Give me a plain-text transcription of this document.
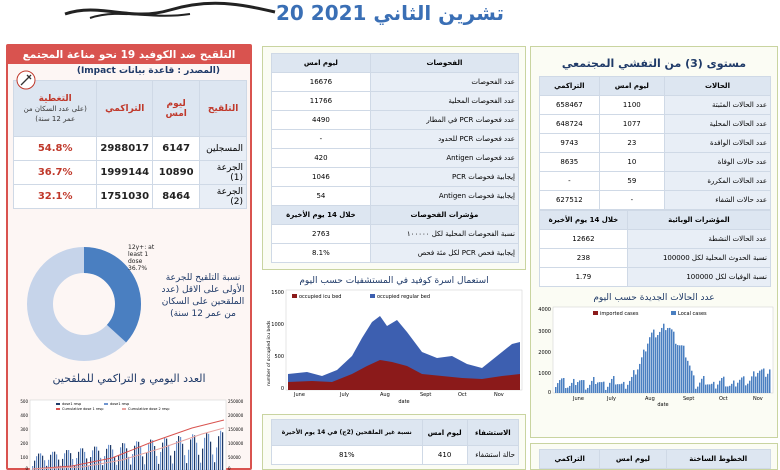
20 تشرين الثاني 2021
مستوى (3) من التفشي المجتمعي
الحالات	ليوم امس	التراكمي
عدد الحالات المثبتة	1100	658467
عدد الحالات المحلية	1077	648724
عدد الحالات الوافدة	23	9743
عدد حالات الوفاة	10	8635
عدد الحالات المكررة	59	-
عدد حالات الشفاء	-	627512
المؤشرات الوبائية	خلال 14 يوم الأخيرة
عدد الحالات النشطة	12662
نسبة الحدوث المحلية لكل 100000	238
نسبة الوفيات لكل 100000	1.79
عدد الحالات الجديدة حسب اليوم
4000
3000
2000
1000
0
imported cases	Local cases
June	July	Aug	Sept	Oct	Nov
date
الخطوط الساخنة	ليوم امس	التراكمي
الفحوصات	ليوم امس
عدد الفحوصات	16676
عدد الفحوصات المحلية	11766
عدد فحوصات PCR في المطار	4490
عدد فحوصات PCR للحدود	-
عدد فحوصات Antigen	420
إيجابية فحوصات PCR	1046
إيجابية فحوصات Antigen	54
مؤشرات الفحوصات	خلال 14 يوم الأخيرة
نسبة الفحوصات المحلية لكل ١٠٠٠٠٠	2763
إيجابية فحص PCR لكل مئة فحص	8.1%
استعمال اسرة كوفيد في المستشفيات حسب اليوم
1500
1000
500
0
number of occupied icu beds
occupied icu bed	occupied regular bed
June	July	Aug	Sept	Oct	Nov
date
الاستشفاء	ليوم امس	نسبة غير الملقحين (2ج) في 14 يوم الأخيرة
حالة استشفاء	410	81%
التلقيح ضد الكوفيد 19 نحو مناعة المجتمع
(المصدر : قاعدة بيانات Impact)
التلقيح	ليوم امس	التراكمي	التغطية
(على عدد السكان من عمر 12 سنة)
المسجلين	6147	2988017	54.8%
الجرعة (1)	10890	1999144	36.7%
الجرعة (2)	8464	1751030	32.1%
12y+: at least 1 dose 36.7%
نسبة التلقيح للجرعة الأولى على الاقل (عدد الملقحين على السكان من عمر 12 سنة)
العدد اليومي و التراكمي للملقحين
500
400
300
200
100
0
250000
200000
150000
100000
50000
0
dose1 resp	dose1 resp
Cumulative dose 1 resp	Cumulative dose 2 resp
